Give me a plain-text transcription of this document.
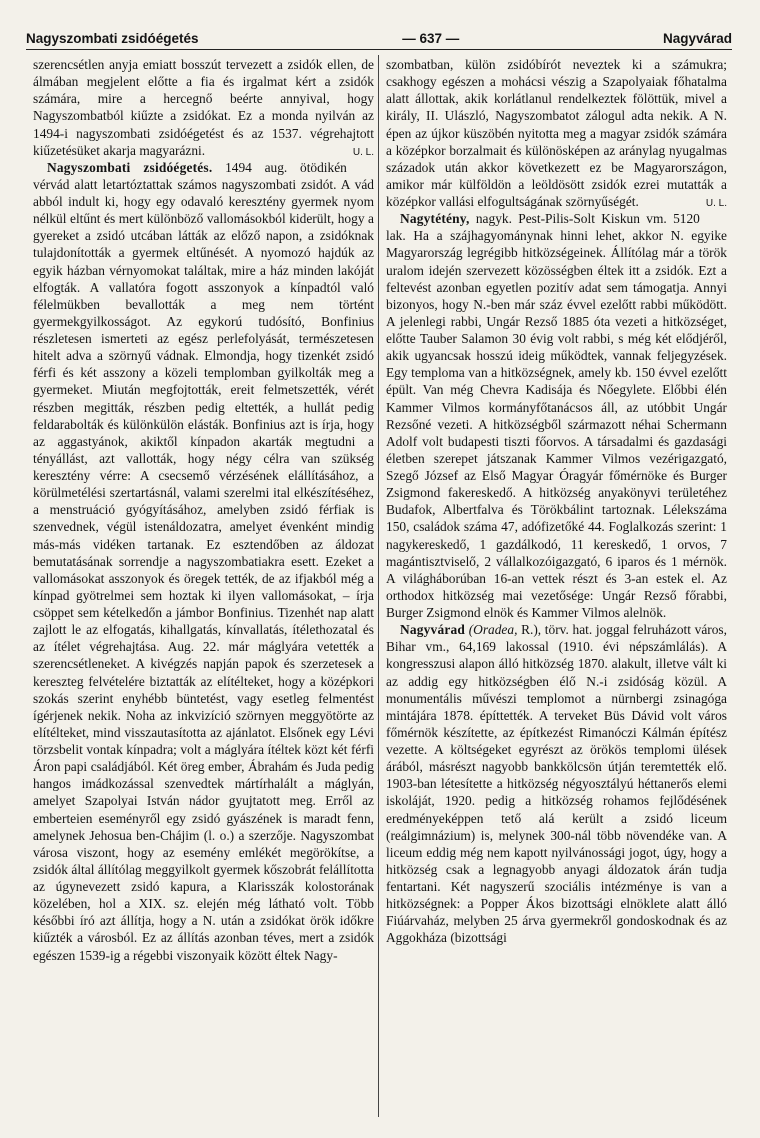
Nagyszombati zsidóégetés	— 637 —	Nagyvárad

szerencsétlen anyja emiatt bosszút tervezett a zsidók ellen, de álmában megjelent előtte a fia és irgalmat kért a zsidók számára, mire a hercegnő beérte annyival, hogy Nagyszombatból kiűzte a zsidókat. Ez a monda nyilván az 1494-i nagyszombati zsidóégetést és az 1537. végrehajtott kiűzetésüket akarja magyarázni.	U. L.

Nagyszombati zsidóégetés. 1494 aug. ötödikén vérvád alatt letartóztattak számos nagyszombati zsidót. A vád abból indult ki, hogy egy odavaló keresztény gyermek nyom nélkül eltűnt és mert különböző vallomásokból kiderült, hogy a gyereket a zsidó utcában látták az előző napon, a zsidóknak tulajdonították a gyermek eltűnését. A nyomozó hajdúk az egyik házban vérnyomokat találtak, mire a ház minden lakóját elfogták. A vallatóra fogott asszonyok a kínpadtól való félelmükben bevallották a meg nem történt gyermekgyilkosságot. Az egykorú tudósító, Bonfinius részletesen ismerteti az egész perlefolyását, természetesen hitelt adva a szörnyű vádnak. Elmondja, hogy tizenkét zsidó férfi és két asszony a közeli templomban gyilkolták meg a gyermeket. Miután megfojtották, ereit felmetszették, vérét részben megitták, részben pedig eltették, a hullát pedig feldarabolták és különkülön elásták. Bonfinius azt is írja, hogy az aggastyánok, akiktől kínpadon akarták megtudni a tényállást, azt vallották, hogy négy célra van szükség keresztény vérre: A csecsemő vérzésének elállításához, a körülmetélési szertartásnál, valami szerelmi ital elkészítéséhez, a menstruáció gyógyításához, amelyben zsidó férfiak is szenvednek, végül istenáldozatra, amelyet évenként mindig más-más vidéken tartanak. Ez esztendőben az áldozat bemutatásának sorrendje a nagyszombatiakra esett. Ezeket a vallomásokat asszonyok és öregek tették, de az ifjakból még a kínpad gyötrelmei sem hoztak ki ilyen vallomásokat, – írja csöppet sem kételkedőn a jámbor Bonfinius. Tizenhét nap alatt zajlott le az elfogatás, kihallgatás, kínvallatás, ítélethozatal és az ítélet végrehajtása. Aug. 22. már máglyára vetették a szerencsétleneket. A kivégzés napján papok és szerzetesek a kereszteg felvételére biztatták az elítélteket, hogy a középkori szokás szerint enyhébb büntetést, vagy esetleg felmentést ígérjenek nekik. Noha az inkvizíció szörnyen meggyötörte az elítélteket, mind visszautasította az ajánlatot. Elsőnek egy Lévi törzsbelit vontak kínpadra; volt a máglyára ítéltek közt két férfi Áron papi családjából. Két öreg ember, Ábrahám és Juda pedig hangos imádkozással szenvedtek mártírhalált a máglyán, amelyet Szapolyai István nádor gyujtatott meg. Erről az emberteien eseményről egy zsidó gyászének is maradt fenn, amelynek Jehosua ben-Chájim (l. o.) a szerzője. Nagyszombat városa viszont, hogy az esemény emlékét megörökítse, a zsidók által állítólag meggyilkolt gyermek kőszobrát felállította az úgynevezett zsidó kapura, a Klarisszák kolostorának közelében, hol a XIX. sz. elején még látható volt. Több későbbi író azt állítja, hogy a N. után a zsidókat örök időkre kiűzték a városból. Ez az állítás azonban téves, mert a zsidók egészen 1539-ig a régebbi viszonyaik között éltek Nagy-

szombatban, külön zsidóbírót neveztek ki a számukra; csakhogy egészen a mohácsi vészig a Szapolyaiak főhatalma alatt állottak, akik korlátlanul rendelkeztek fölöttük, mivel a király, II. Ulászló, Nagyszombatot zálogul adta nekik. A N. épen az újkor küszöbén nyitotta meg a magyar zsidók számára a középkor borzalmait és különösképen az aránylag nyugalmas századok után akkor következett ez be Magyarországon, amikor már külföldön a leöldösött zsidók ezrei mutatták a középkor vallási elfogultságának szörnyűségét.	U. L.

Nagytétény, nagyk. Pest-Pilis-Solt Kiskun vm. 5120 lak. Ha a szájhagyománynak hinni lehet, akkor N. egyike Magyarország legrégibb hitközségeinek. Állítólag már a török uralom idején szervezett közösségben éltek itt a zsidók. Ezt a feltevést azonban egyetlen pozitív adat sem támogatja. Annyi bizonyos, hogy N.-ben már száz évvel ezelőtt rabbi működött. A jelenlegi rabbi, Ungár Rezső 1885 óta vezeti a hitközséget, előtte Tauber Salamon 30 évig volt rabbi, s még két elődjéről, akik ugyancsak hosszú ideig működtek, vannak feljegyzések. Egy temploma van a hitközségnek, amely kb. 150 évvel ezelőtt épült. Van még Chevra Kadisája és Nőegylete. Előbbi élén Kammer Vilmos kormányfőtanácsos áll, az utóbbit Ungár Rezsőné vezeti. A hitközségből származott néhai Schermann Adolf volt budapesti tiszti főorvos. A társadalmi és gazdasági életben szerepet játszanak Kammer Vilmos vezérigazgató, Szegő József az Első Magyar Óragyár főmérnöke és Burger Zsigmond fakereskedő. A hitközség anyakönyvi területéhez Budafok, Albertfalva és Törökbálint tartoznak. Lélekszáma 150, családok száma 47, adófizetőké 44. Foglalkozás szerint: 1 nagykereskedő, 1 gazdálkodó, 11 kereskedő, 1 orvos, 7 magántisztviselő, 2 vállalkozóigazgató, 6 iparos és 1 mérnök. A világháborúban 16-an vettek részt és 3-an estek el. Az orthodox hitközség mai vezetősége: Ungár Rezső főrabbi, Burger Zsigmond elnök és Kammer Vilmos alelnök.

Nagyvárad (Oradea, R.), törv. hat. joggal felruházott város, Bihar vm., 64,169 lakossal (1910. évi népszámlálás). A kongresszusi alapon álló hitközség 1870. alakult, illetve vált ki az addig egy hitközségben élő N.-i zsidóság közül. A monumentális művészi templomot a nürnbergi zsinagóga mintájára 1878. építtették. A terveket Büs Dávid volt város főmérnök készítette, az építkezést Rimanóczi Kálmán építész vezette. A költségeket egyrészt az örökös templomi ülések árából, másrészt nagyobb bankkölcsön útján teremtették elő. 1903-ban létesítette a hitközség négyosztályú héttanerős elemi iskoláját, 1920. pedig a hitközség rohamos fejlődésének eredményeképpen tető alá került a zsidó liceum (reálgimnázium) is, melynek 300-nál több növendéke van. A liceum eddig még nem kapott nyilvánossági jogot, úgy, hogy a hitközség csak a legnagyobb anyagi áldozatok árán tudja fentartani. Két nagyszerű szociális intézménye is van a hitközségnek: a Popper Ákos bizottsági elnöklete alatt álló Fiúárvaház, melyben 25 árva gyermekről gondoskodnak és az Aggokháza (bizottsági
